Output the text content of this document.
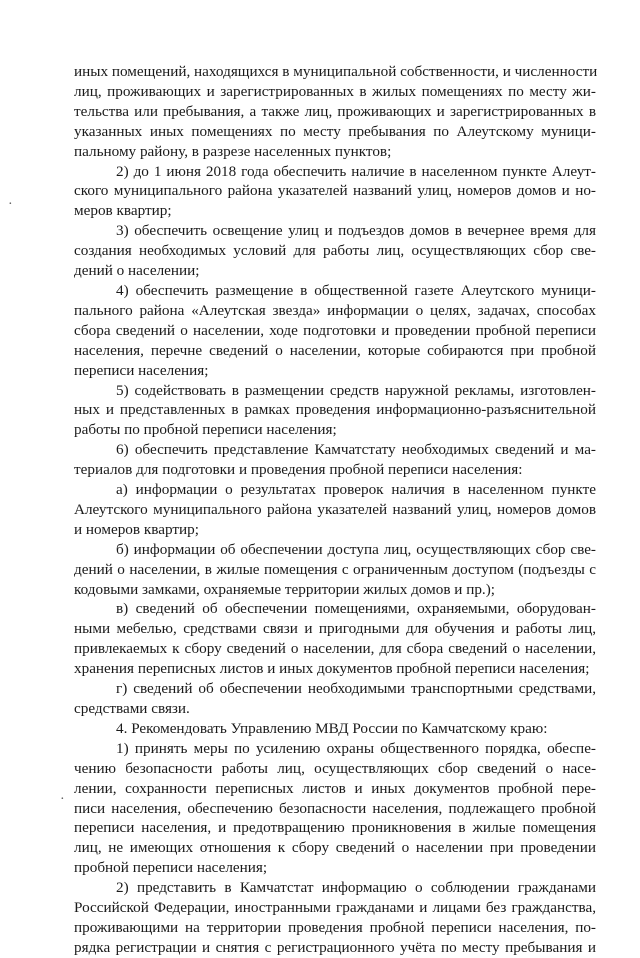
иных помещений, находящихся в муниципальной собственности, и численности
лиц, проживающих и зарегистрированных в жилых помещениях по месту жи-
тельства или пребывания, а также лиц, проживающих и зарегистрированных в
указанных иных помещениях по месту пребывания по Алеутскому муници-
пальному району, в разрезе населенных пунктов;
2) до 1 июня 2018 года обеспечить наличие в населенном пункте Алеут-
ского муниципального района указателей названий улиц, номеров домов и но-
меров квартир;
3) обеспечить освещение улиц и подъездов домов в вечернее время для
создания необходимых условий для работы лиц, осуществляющих сбор све-
дений о населении;
4) обеспечить размещение в общественной газете Алеутского муници-
пального района «Алеутская звезда» информации о целях, задачах, способах
сбора сведений о населении, ходе подготовки и проведении пробной переписи
населения, перечне сведений о населении, которые собираются при пробной
переписи населения;
5) содействовать в размещении средств наружной рекламы, изготовлен-
ных и представленных в рамках проведения информационно-разъяснительной
работы по пробной переписи населения;
6) обеспечить представление Камчатстату необходимых сведений и ма-
териалов для подготовки и проведения пробной переписи населения:
а) информации о результатах проверок наличия в населенном пункте
Алеутского муниципального района указателей названий улиц, номеров домов
и номеров квартир;
б) информации об обеспечении доступа лиц, осуществляющих сбор све-
дений о населении, в жилые помещения с ограниченным доступом (подъезды с
кодовыми замками, охраняемые территории жилых домов и пр.);
в) сведений об обеспечении помещениями, охраняемыми, оборудован-
ными мебелью, средствами связи и пригодными для обучения и работы лиц,
привлекаемых к сбору сведений о населении, для сбора сведений о населении,
хранения переписных листов и иных документов пробной переписи населения;
г) сведений об обеспечении необходимыми транспортными средствами,
средствами связи.
4. Рекомендовать Управлению МВД России по Камчатскому краю:
1) принять меры по усилению охраны общественного порядка, обеспе-
чению безопасности работы лиц, осуществляющих сбор сведений о насе-
лении, сохранности переписных листов и иных документов пробной пере-
писи населения, обеспечению безопасности населения, подлежащего пробной
переписи населения, и предотвращению проникновения в жилые помещения
лиц, не имеющих отношения к сбору сведений о населении при проведении
пробной переписи населения;
2) представить в Камчатстат информацию о соблюдении гражданами
Российской Федерации, иностранными гражданами и лицами без гражданства,
проживающими на территории проведения пробной переписи населения, по-
рядка регистрации и снятия с регистрационного учёта по месту пребывания и
·
·
